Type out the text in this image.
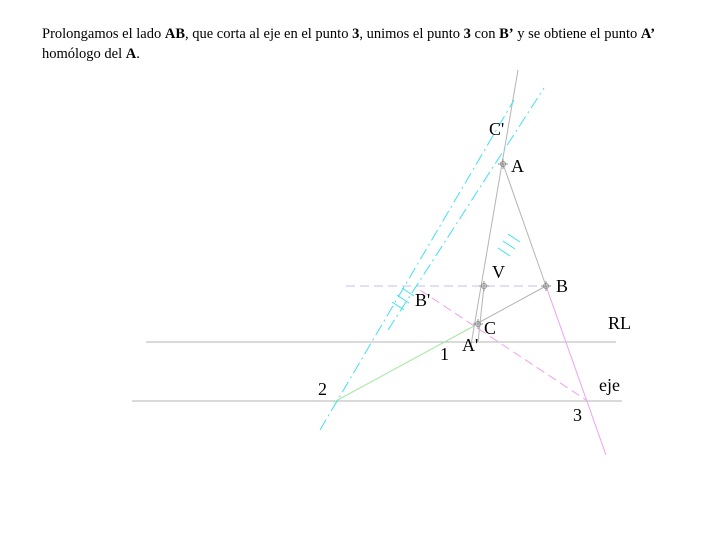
Prolongamos el lado AB, que corta al eje en el punto 3, unimos el punto 3 con B’ y se obtiene el punto A’ homólogo del A.
C'
A
V
B
B'
C
A'
RL
1
2	eje
3
